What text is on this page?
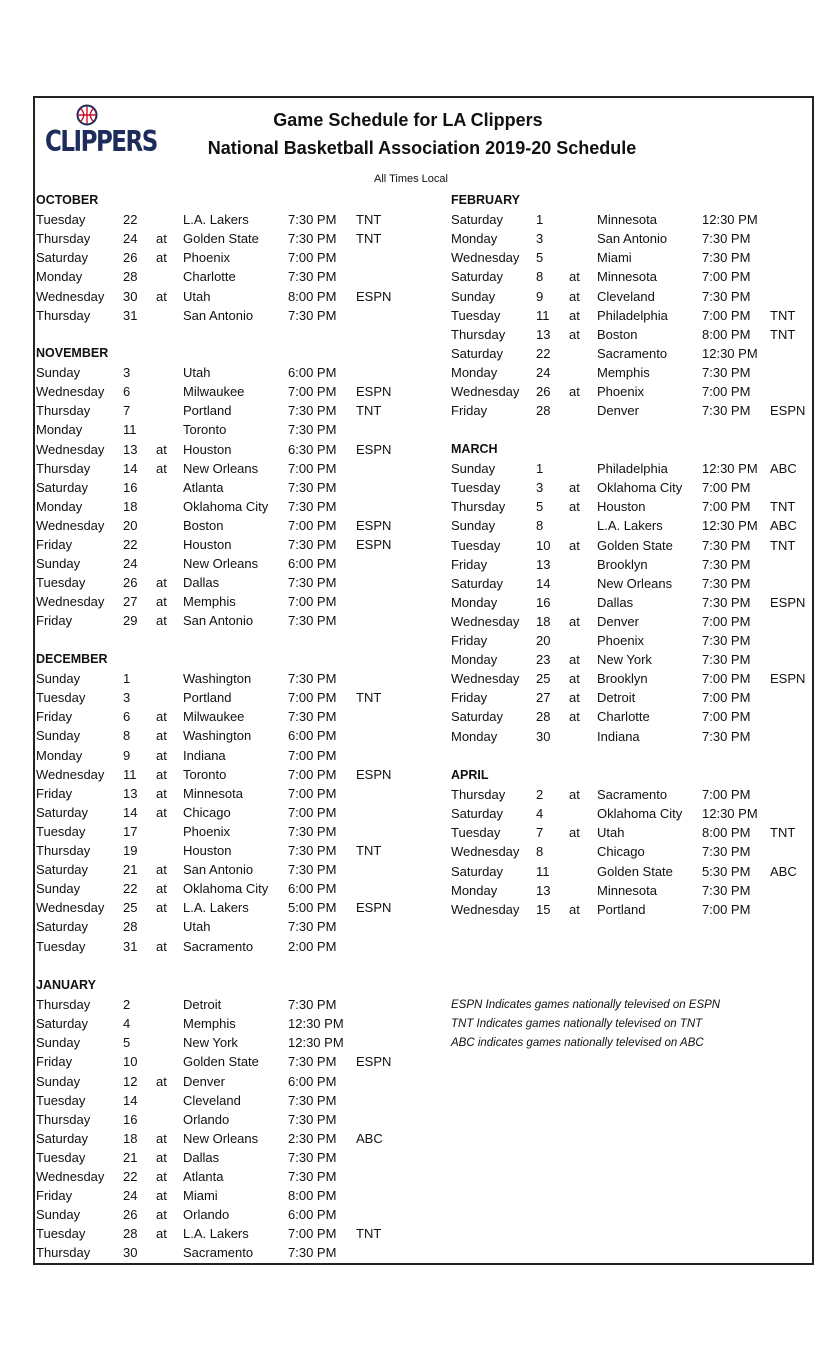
CLIPPERS
Game Schedule for LA Clippers
National Basketball Association 2019-20 Schedule
All Times Local
OCTOBER
Tuesday	22	L.A. Lakers	7:30 PM TNT
Thursday	24 at Golden State 7:30 PM TNT
Saturday	26 at Phoenix	7:00 PM
Monday	28	Charlotte	7:30 PM
Wednesday 30 at Utah	8:00 PM ESPN
Thursday	31	San Antonio	7:30 PM
NOVEMBER
Sunday	3	Utah	6:00 PM
Wednesday 6	Milwaukee	7:00 PM ESPN
Thursday	7	Portland	7:30 PM TNT
Monday	11	Toronto	7:30 PM
Wednesday 13 at Houston	6:30 PM ESPN
Thursday	14 at New Orleans 7:00 PM
Saturday	16	Atlanta	7:30 PM
Monday	18	Oklahoma City 7:30 PM
Wednesday 20	Boston	7:00 PM ESPN
Friday	22	Houston	7:30 PM ESPN
Sunday	24	New Orleans 6:00 PM
Tuesday	26 at Dallas	7:30 PM
Wednesday 27 at Memphis	7:00 PM
Friday	29 at San Antonio	7:30 PM
DECEMBER
Sunday	1	Washington	7:30 PM
Tuesday	3	Portland	7:00 PM TNT
Friday	6 at Milwaukee	7:30 PM
Sunday	8 at Washington	6:00 PM
Monday	9 at Indiana	7:00 PM
Wednesday 11 at Toronto	7:00 PM ESPN
Friday	13 at Minnesota	7:00 PM
Saturday	14 at Chicago	7:00 PM
Tuesday	17	Phoenix	7:30 PM
Thursday	19	Houston	7:30 PM TNT
Saturday	21 at San Antonio	7:30 PM
Sunday	22 at Oklahoma City 6:00 PM
Wednesday 25 at L.A. Lakers	5:00 PM ESPN
Saturday	28	Utah	7:30 PM
Tuesday	31 at Sacramento	2:00 PM
JANUARY
Thursday	2	Detroit	7:30 PM
Saturday	4	Memphis	12:30 PM
Sunday	5	New York	12:30 PM
Friday	10	Golden State 7:30 PM ESPN
Sunday	12 at Denver	6:00 PM
Tuesday	14	Cleveland	7:30 PM
Thursday	16	Orlando	7:30 PM
Saturday	18 at New Orleans 2:30 PM ABC
Tuesday	21 at Dallas	7:30 PM
Wednesday 22 at Atlanta	7:30 PM
Friday	24 at Miami	8:00 PM
Sunday	26 at Orlando	6:00 PM
Tuesday	28 at L.A. Lakers	7:00 PM TNT
Thursday	30	Sacramento	7:30 PM
FEBRUARY
Saturday	1	Minnesota	12:30 PM
Monday	3	San Antonio	7:30 PM
Wednesday 5	Miami	7:30 PM
Saturday	8 at Minnesota	7:00 PM
Sunday	9 at Cleveland	7:30 PM
Tuesday	11 at Philadelphia	7:00 PM TNT
Thursday 13 at Boston	8:00 PM TNT
Saturday	22	Sacramento	12:30 PM
Monday	24	Memphis	7:30 PM
Wednesday 26 at Phoenix	7:00 PM
Friday	28	Denver	7:30 PM ESPN
MARCH
Sunday	1	Philadelphia	12:30 PM ABC
Tuesday	3 at Oklahoma City 7:00 PM
Thursday 5 at Houston	7:00 PM TNT
Sunday	8	L.A. Lakers	12:30 PM ABC
Tuesday	10 at Golden State 7:30 PM TNT
Friday	13	Brooklyn	7:30 PM
Saturday	14	New Orleans 7:30 PM
Monday	16	Dallas	7:30 PM ESPN
Wednesday 18 at Denver	7:00 PM
Friday	20	Phoenix	7:30 PM
Monday	23 at New York	7:30 PM
Wednesday 25 at Brooklyn	7:00 PM ESPN
Friday	27 at Detroit	7:00 PM
Saturday	28 at Charlotte	7:00 PM
Monday	30	Indiana	7:30 PM
APRIL
Thursday 2 at Sacramento	7:00 PM
Saturday	4	Oklahoma City 12:30 PM
Tuesday	7 at Utah	8:00 PM TNT
Wednesday 8	Chicago	7:30 PM
Saturday	11	Golden State 5:30 PM ABC
Monday	13	Minnesota	7:30 PM
Wednesday 15 at Portland	7:00 PM
ESPN Indicates games nationally televised on ESPN
TNT Indicates games nationally televised on TNT
ABC indicates games nationally televised on ABC
